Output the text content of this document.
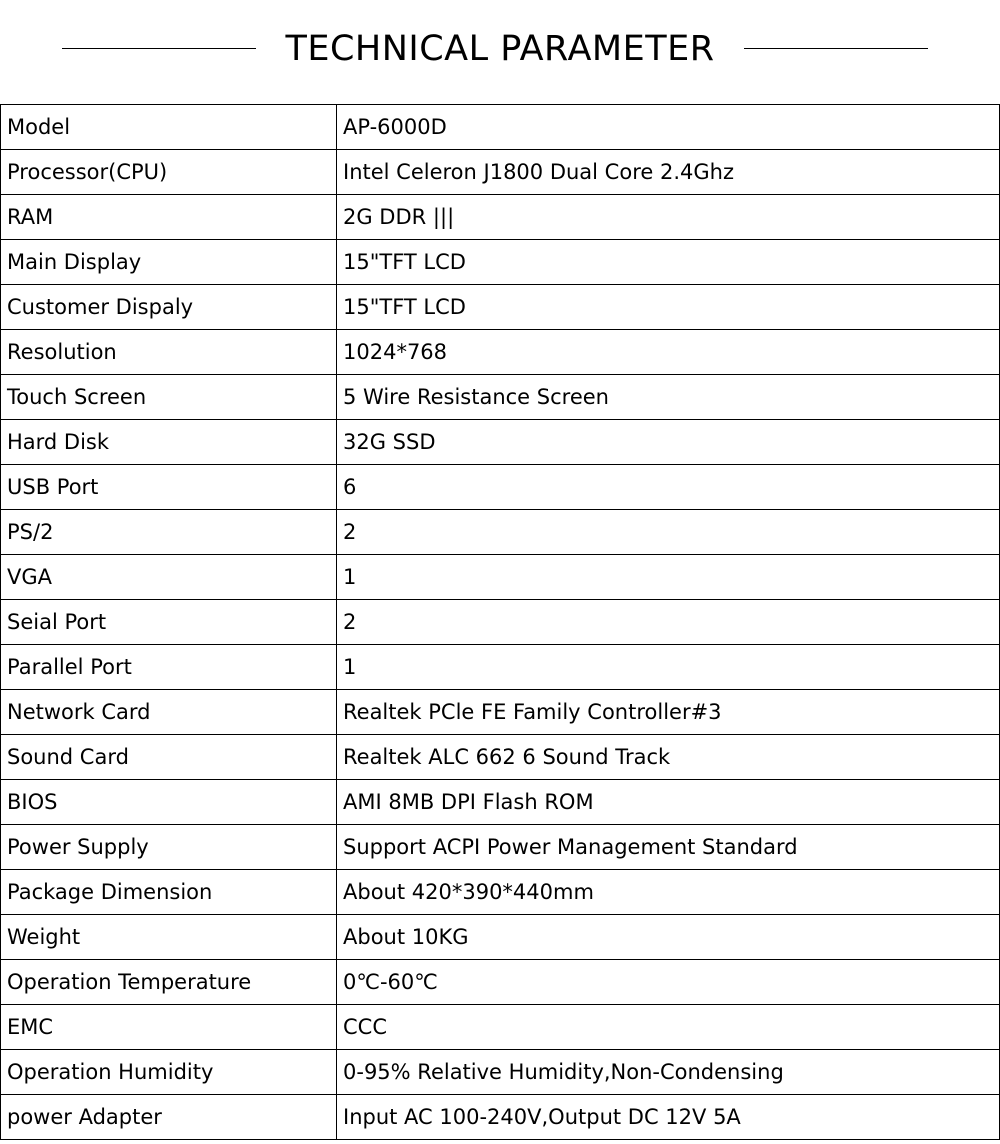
TECHNICAL PARAMETER
Model	AP-6000D
Processor(CPU)	Intel Celeron J1800 Dual Core 2.4Ghz
RAM	2G DDR |||
Main Display	15"TFT LCD
Customer Dispaly	15"TFT LCD
Resolution	1024*768
Touch Screen	5 Wire Resistance Screen
Hard Disk	32G SSD
USB Port	6
PS/2	2
VGA	1
Seial Port	2
Parallel Port	1
Network Card	Realtek PCle FE Family Controller#3
Sound Card	Realtek ALC 662 6 Sound Track
BIOS	AMI 8MB DPI Flash ROM
Power Supply	Support ACPI Power Management Standard
Package Dimension	About 420*390*440mm
Weight	About 10KG
Operation Temperature	0℃-60℃
EMC	CCC
Operation Humidity	0-95% Relative Humidity,Non-Condensing
power Adapter	Input AC 100-240V,Output DC 12V 5A
